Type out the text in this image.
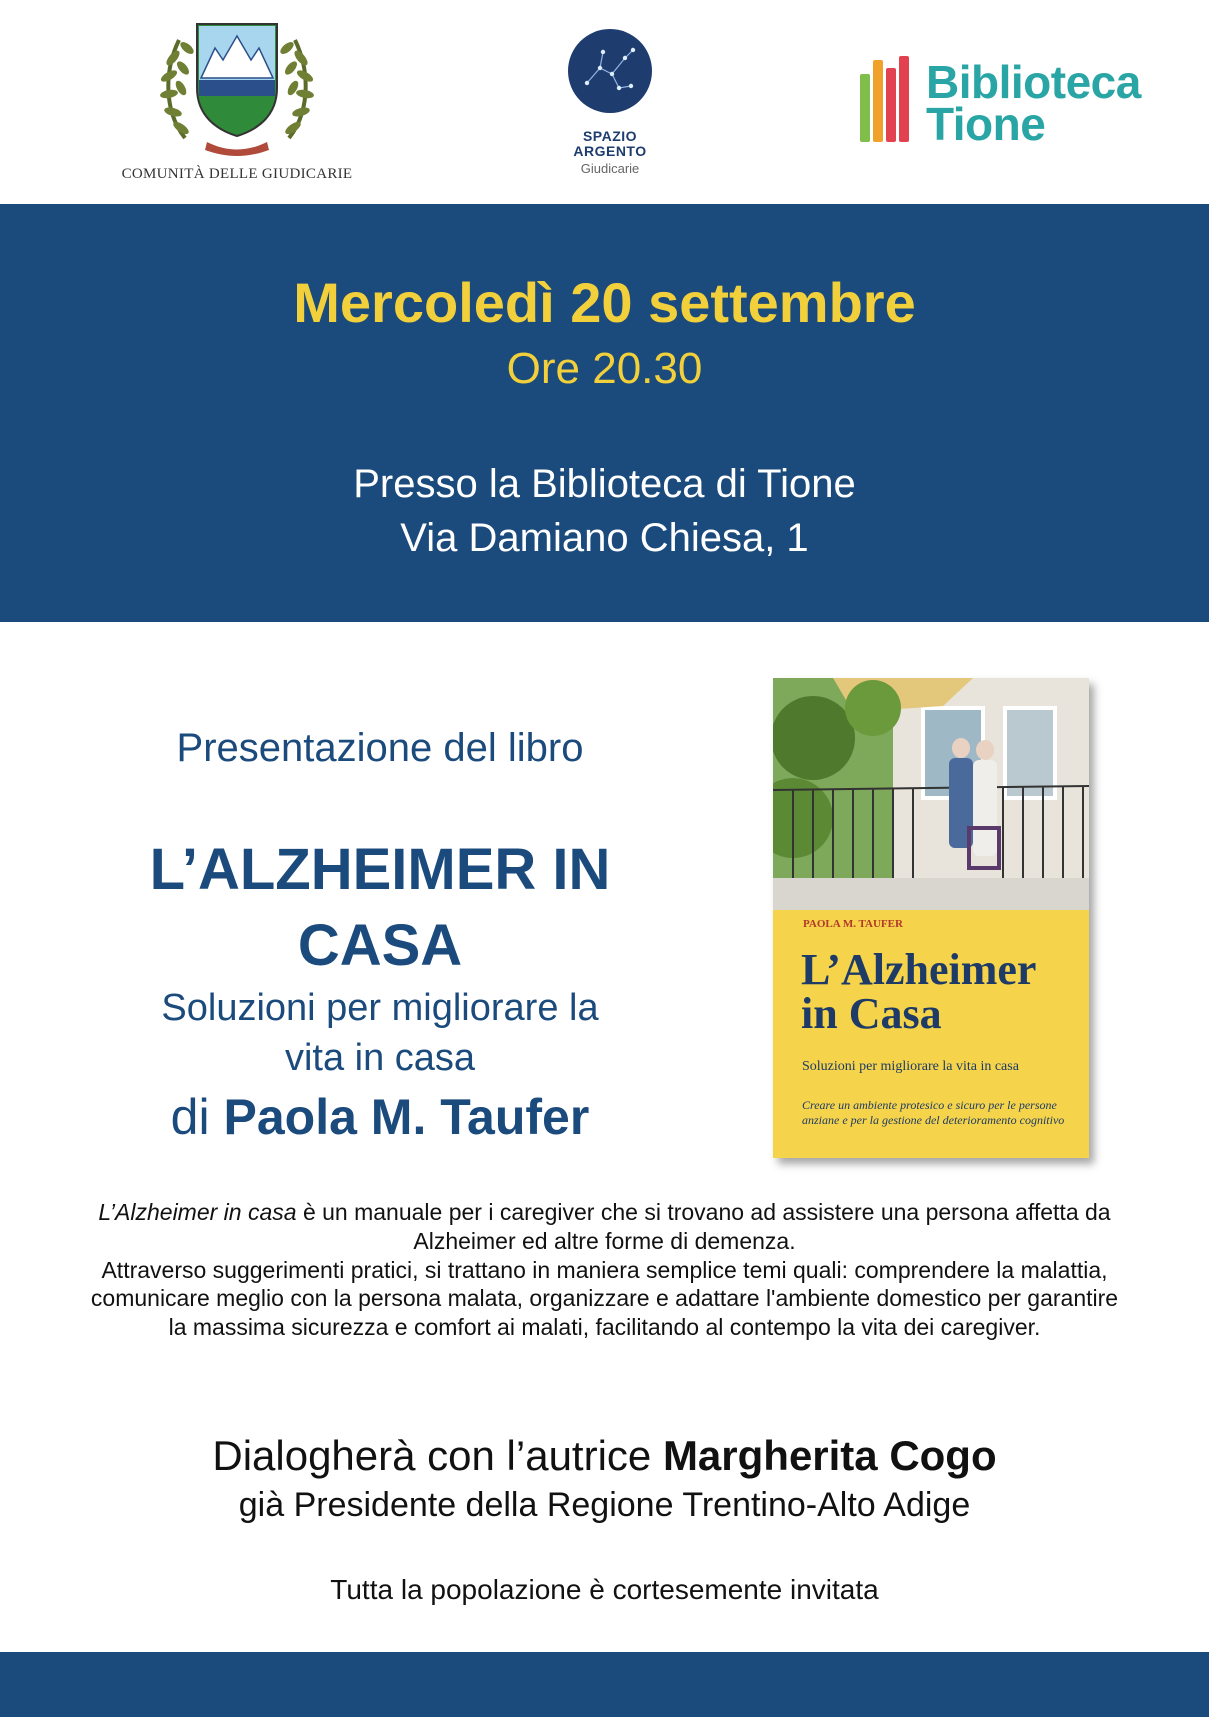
COMUNITÀ DELLE GIUDICARIE
SPAZIO
ARGENTO
Giudicarie
Biblioteca
Tione
Mercoledì 20 settembre
Ore 20.30
Presso la Biblioteca di Tione
Via Damiano Chiesa, 1
Presentazione del libro
L’ALZHEIMER IN
CASA
Soluzioni per migliorare la
vita in casa
di Paola M. Taufer
PAOLA M. TAUFER
L’Alzheimer
in Casa
Soluzioni per migliorare la vita in casa
Creare un ambiente protesico e sicuro per le persone anziane e per la gestione del deterioramento cognitivo
L’Alzheimer in casa è un manuale per i caregiver che si trovano ad assistere una persona affetta da Alzheimer ed altre forme di demenza.
Attraverso suggerimenti pratici, si trattano in maniera semplice temi quali: comprendere la malattia, comunicare meglio con la persona malata, organizzare e adattare l'ambiente domestico per garantire la massima sicurezza e comfort ai malati, facilitando al contempo la vita dei caregiver.
Dialogherà con l’autrice Margherita Cogo
già Presidente della Regione Trentino-Alto Adige
Tutta la popolazione è cortesemente invitata
